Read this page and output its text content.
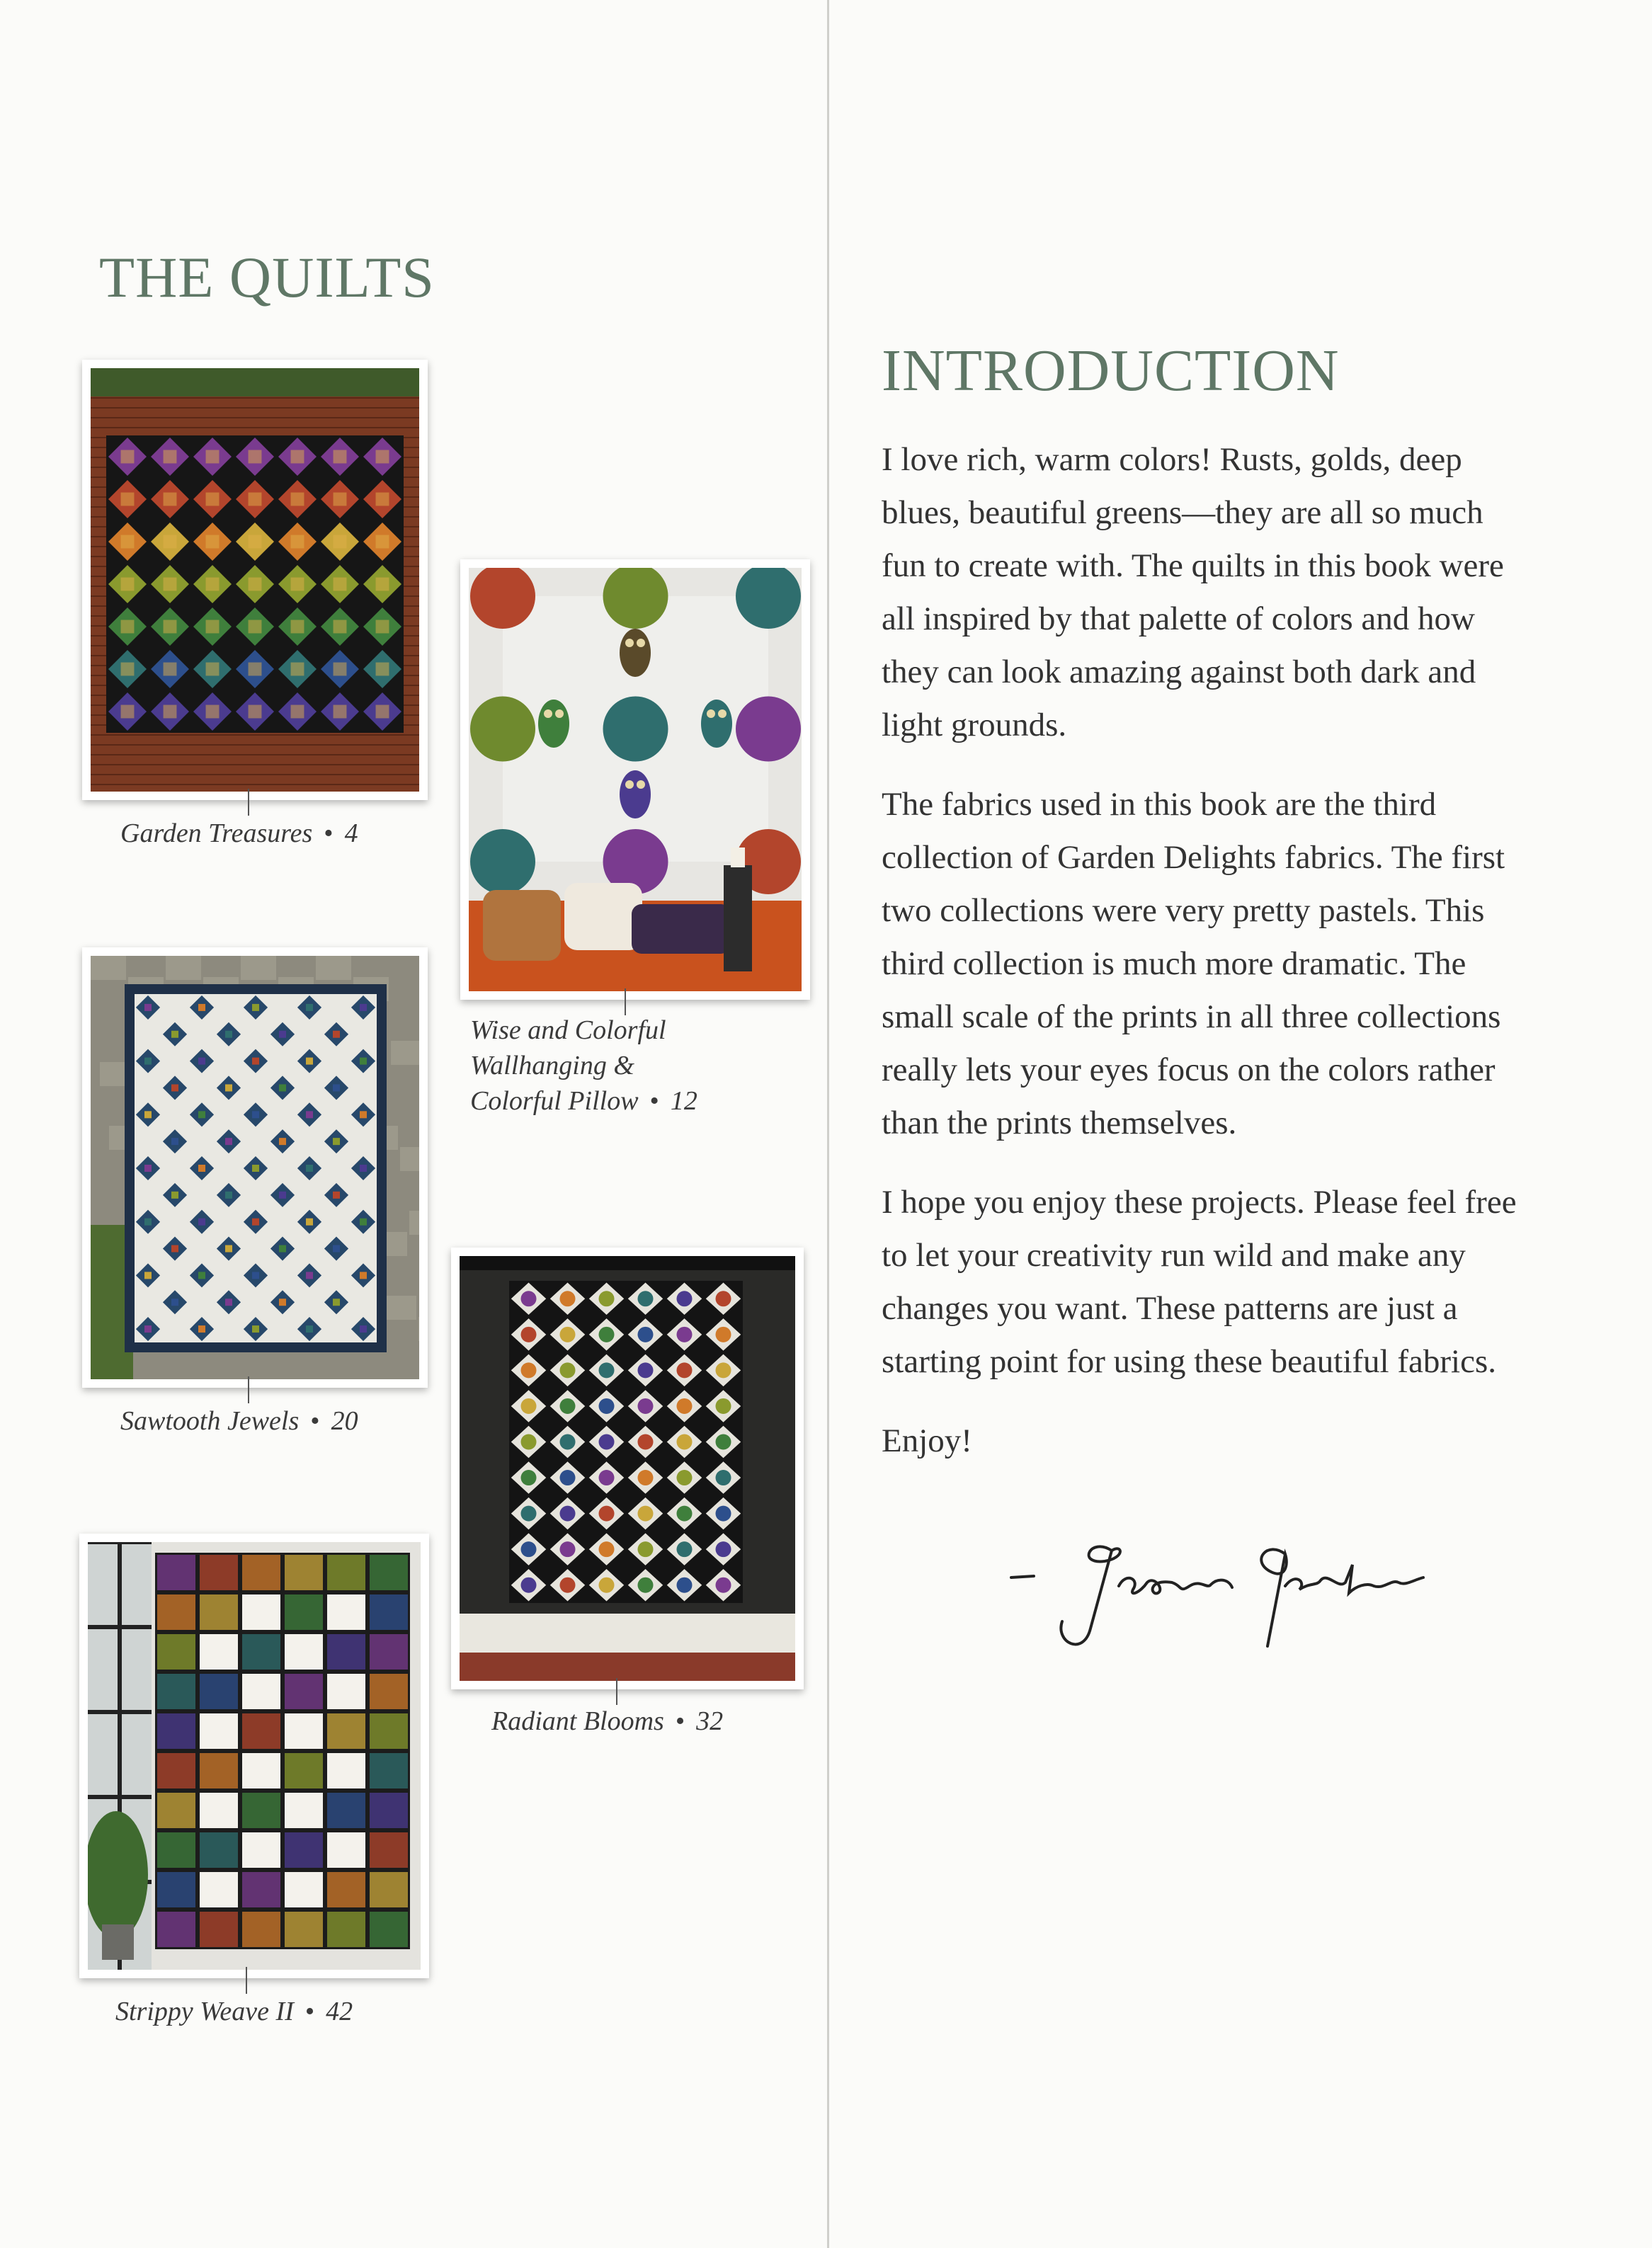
THE QUILTS
Garden Treasures • 4
Wise and Colorful
Wallhanging &
Colorful Pillow • 12
Sawtooth Jewels • 20
Radiant Blooms • 32
Strippy Weave II • 42
INTRODUCTION

I love rich, warm colors! Rusts, golds, deep blues, beautiful greens—they are all so much fun to create with. The quilts in this book were all inspired by that palette of colors and how they can look amazing against both dark and light grounds.

The fabrics used in this book are the third collection of Garden Delights fabrics. The first two collections were very pretty pastels. This third collection is much more dramatic. The small scale of the prints in all three collections really lets your eyes focus on the colors rather than the prints themselves.

I hope you enjoy these projects. Please feel free to let your creativity run wild and make any changes you want. These patterns are just a starting point for using these beautiful fabrics.

Enjoy!
